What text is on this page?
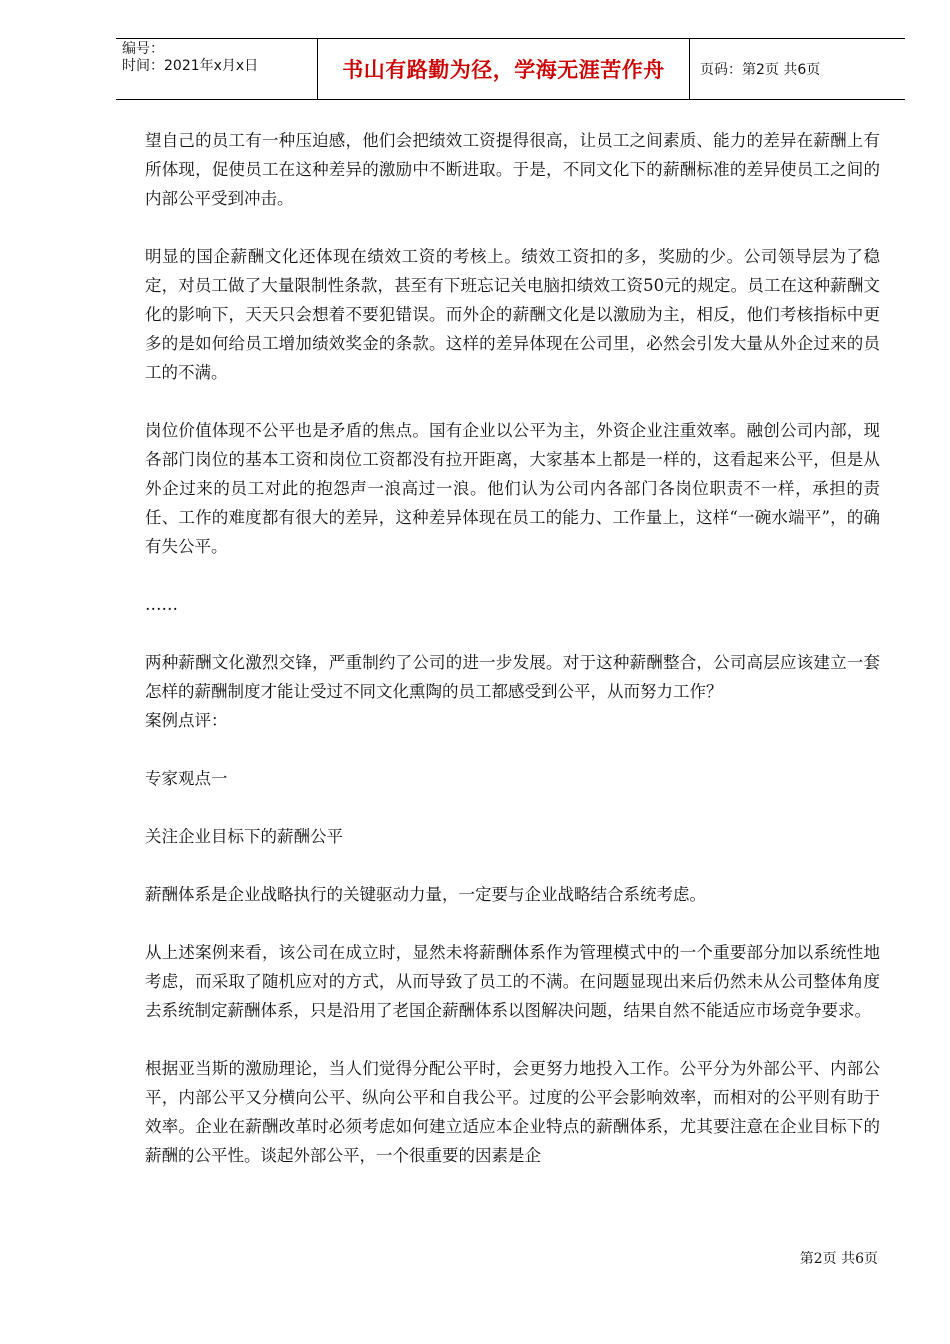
编号：
时间：2021年x月x日	书山有路勤为径，学海无涯苦作舟	页码：第2页 共6页

望自己的员工有一种压迫感，他们会把绩效工资提得很高，让员工之间素质、能力的差异在薪酬上有所体现，促使员工在这种差异的激励中不断进取。于是，不同文化下的薪酬标准的差异使员工之间的内部公平受到冲击。

明显的国企薪酬文化还体现在绩效工资的考核上。绩效工资扣的多，奖励的少。公司领导层为了稳定，对员工做了大量限制性条款，甚至有下班忘记关电脑扣绩效工资50元的规定。员工在这种薪酬文化的影响下，天天只会想着不要犯错误。而外企的薪酬文化是以激励为主，相反，他们考核指标中更多的是如何给员工增加绩效奖金的条款。这样的差异体现在公司里，必然会引发大量从外企过来的员工的不满。

岗位价值体现不公平也是矛盾的焦点。国有企业以公平为主，外资企业注重效率。融创公司内部，现各部门岗位的基本工资和岗位工资都没有拉开距离，大家基本上都是一样的，这看起来公平，但是从外企过来的员工对此的抱怨声一浪高过一浪。他们认为公司内各部门各岗位职责不一样，承担的责任、工作的难度都有很大的差异，这种差异体现在员工的能力、工作量上，这样“一碗水端平”，的确有失公平。

……

两种薪酬文化激烈交锋，严重制约了公司的进一步发展。对于这种薪酬整合，公司高层应该建立一套怎样的薪酬制度才能让受过不同文化熏陶的员工都感受到公平，从而努力工作？

案例点评：

专家观点一

关注企业目标下的薪酬公平

薪酬体系是企业战略执行的关键驱动力量，一定要与企业战略结合系统考虑。

从上述案例来看，该公司在成立时，显然未将薪酬体系作为管理模式中的一个重要部分加以系统性地考虑，而采取了随机应对的方式，从而导致了员工的不满。在问题显现出来后仍然未从公司整体角度去系统制定薪酬体系，只是沿用了老国企薪酬体系以图解决问题，结果自然不能适应市场竞争要求。

根据亚当斯的激励理论，当人们觉得分配公平时，会更努力地投入工作。公平分为外部公平、内部公平，内部公平又分横向公平、纵向公平和自我公平。过度的公平会影响效率，而相对的公平则有助于效率。企业在薪酬改革时必须考虑如何建立适应本企业特点的薪酬体系，尤其要注意在企业目标下的薪酬的公平性。谈起外部公平，一个很重要的因素是企

第2页 共6页
